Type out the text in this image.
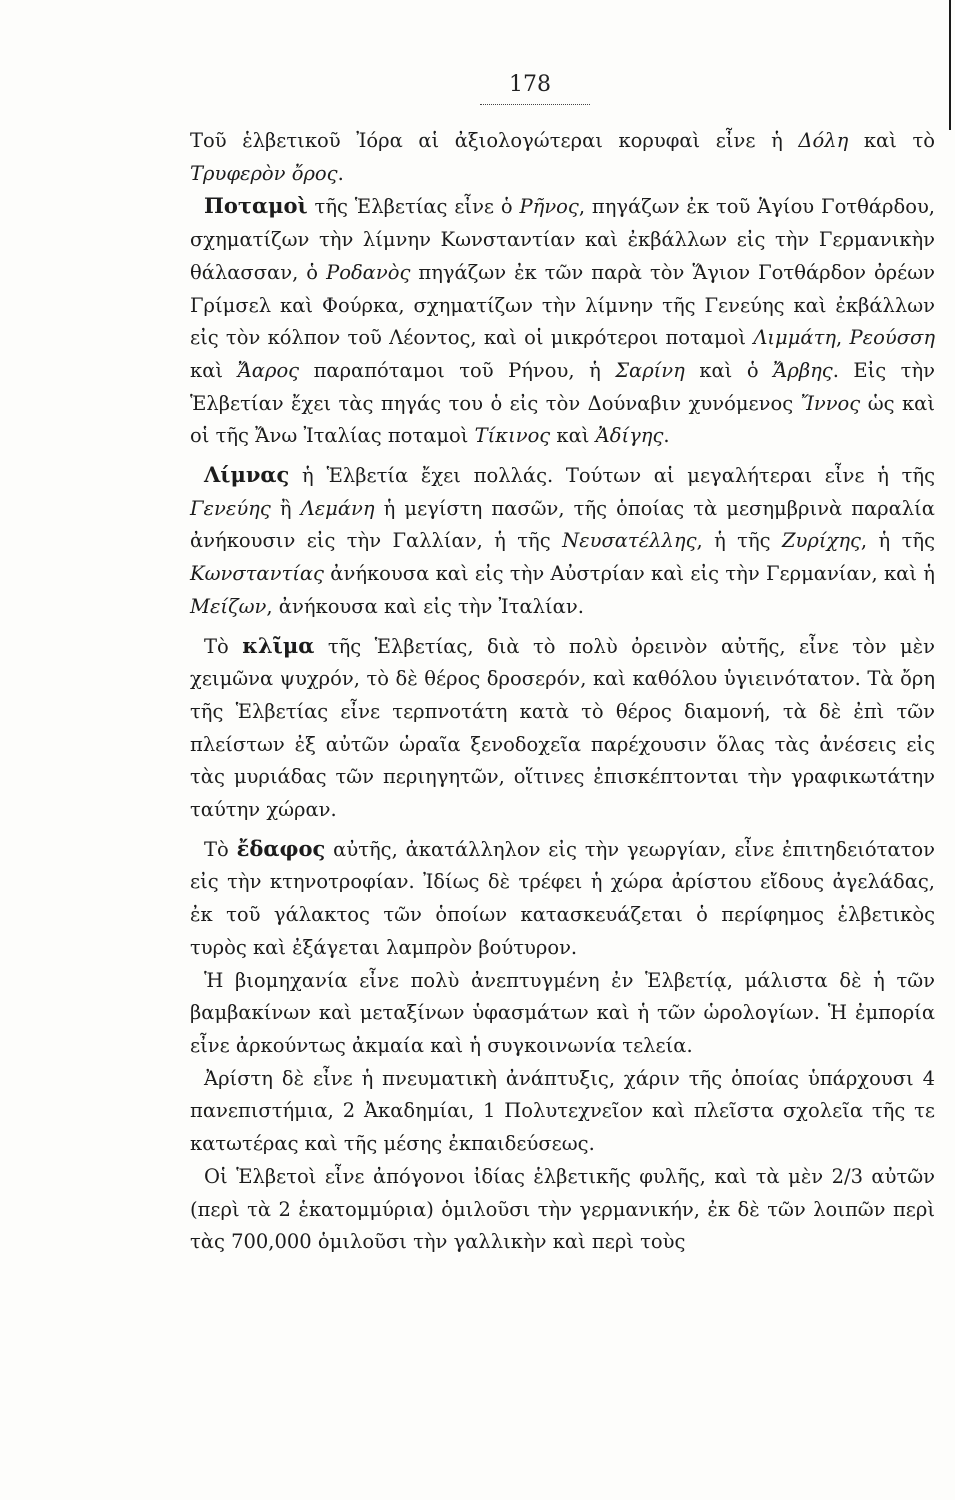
178

Τοῦ ἑλβετικοῦ Ἰόρα αἱ ἀξιολογώτεραι κορυφαὶ εἶνε ἡ Δόλη καὶ τὸ Τρυφερὸν ὄρος.

Ποταμοὶ τῆς Ἑλβετίας εἶνε ὁ Ρῆνος, πηγάζων ἐκ τοῦ Ἁγίου Γοτθάρδου, σχηματίζων τὴν λίμνην Κωνσταντίαν καὶ ἐκβάλλων εἰς τὴν Γερμανικὴν θάλασσαν, ὁ Ροδανὸς πηγάζων ἐκ τῶν παρὰ τὸν Ἅγιον Γοτθάρδον ὀρέων Γρίμσελ καὶ Φούρκα, σχηματίζων τὴν λίμνην τῆς Γενεύης καὶ ἐκβάλλων εἰς τὸν κόλπον τοῦ Λέοντος, καὶ οἱ μικρότεροι ποταμοὶ Λιμμάτη, Ρεούσση καὶ Ἄαρος παραπόταμοι τοῦ Ρήνου, ἡ Σαρίνη καὶ ὁ Ἄρβης. Εἰς τὴν Ἑλβετίαν ἔχει τὰς πηγάς του ὁ εἰς τὸν Δούναβιν χυνόμενος Ἴννος ὡς καὶ οἱ τῆς Ἄνω Ἰταλίας ποταμοὶ Τίκινος καὶ Ἀδίγης.

Λίμνας ἡ Ἑλβετία ἔχει πολλάς. Τούτων αἱ μεγαλήτεραι εἶνε ἡ τῆς Γενεύης ἢ Λεμάνη ἡ μεγίστη πασῶν, τῆς ὁποίας τὰ μεσημβρινὰ παραλία ἀνήκουσιν εἰς τὴν Γαλλίαν, ἡ τῆς Νευσατέλλης, ἡ τῆς Ζυρίχης, ἡ τῆς Κωνσταντίας ἀνήκουσα καὶ εἰς τὴν Αὐστρίαν καὶ εἰς τὴν Γερμανίαν, καὶ ἡ Μείζων, ἀνήκουσα καὶ εἰς τὴν Ἰταλίαν.

Τὸ κλῖμα τῆς Ἑλβετίας, διὰ τὸ πολὺ ὀρεινὸν αὐτῆς, εἶνε τὸν μὲν χειμῶνα ψυχρόν, τὸ δὲ θέρος δροσερόν, καὶ καθόλου ὑγιεινότατον. Τὰ ὄρη τῆς Ἑλβετίας εἶνε τερπνοτάτη κατὰ τὸ θέρος διαμονή, τὰ δὲ ἐπὶ τῶν πλείστων ἐξ αὐτῶν ὡραῖα ξενοδοχεῖα παρέχουσιν ὅλας τὰς ἀνέσεις εἰς τὰς μυριάδας τῶν περιηγητῶν, οἵτινες ἐπισκέπτονται τὴν γραφικωτάτην ταύτην χώραν.

Τὸ ἔδαφος αὐτῆς, ἀκατάλληλον εἰς τὴν γεωργίαν, εἶνε ἐπιτηδειότατον εἰς τὴν κτηνοτροφίαν. Ἰδίως δὲ τρέφει ἡ χώρα ἀρίστου εἴδους ἀγελάδας, ἐκ τοῦ γάλακτος τῶν ὁποίων κατασκευάζεται ὁ περίφημος ἑλβετικὸς τυρὸς καὶ ἐξάγεται λαμπρὸν βούτυρον.

Ἡ βιομηχανία εἶνε πολὺ ἀνεπτυγμένη ἐν Ἑλβετίᾳ, μάλιστα δὲ ἡ τῶν βαμβακίνων καὶ μεταξίνων ὑφασμάτων καὶ ἡ τῶν ὡρολογίων. Ἡ ἐμπορία εἶνε ἀρκούντως ἀκμαία καὶ ἡ συγκοινωνία τελεία.

Ἀρίστη δὲ εἶνε ἡ πνευματικὴ ἀνάπτυξις, χάριν τῆς ὁποίας ὑπάρχουσι 4 πανεπιστήμια, 2 Ἀκαδημίαι, 1 Πολυτεχνεῖον καὶ πλεῖστα σχολεῖα τῆς τε κατωτέρας καὶ τῆς μέσης ἐκπαιδεύσεως.

Οἱ Ἑλβετοὶ εἶνε ἀπόγονοι ἰδίας ἑλβετικῆς φυλῆς, καὶ τὰ μὲν 2/3 αὐτῶν (περὶ τὰ 2 ἑκατομμύρια) ὁμιλοῦσι τὴν γερμανικήν, ἐκ δὲ τῶν λοιπῶν περὶ τὰς 700,000 ὁμιλοῦσι τὴν γαλλικὴν καὶ περὶ τοὺς
